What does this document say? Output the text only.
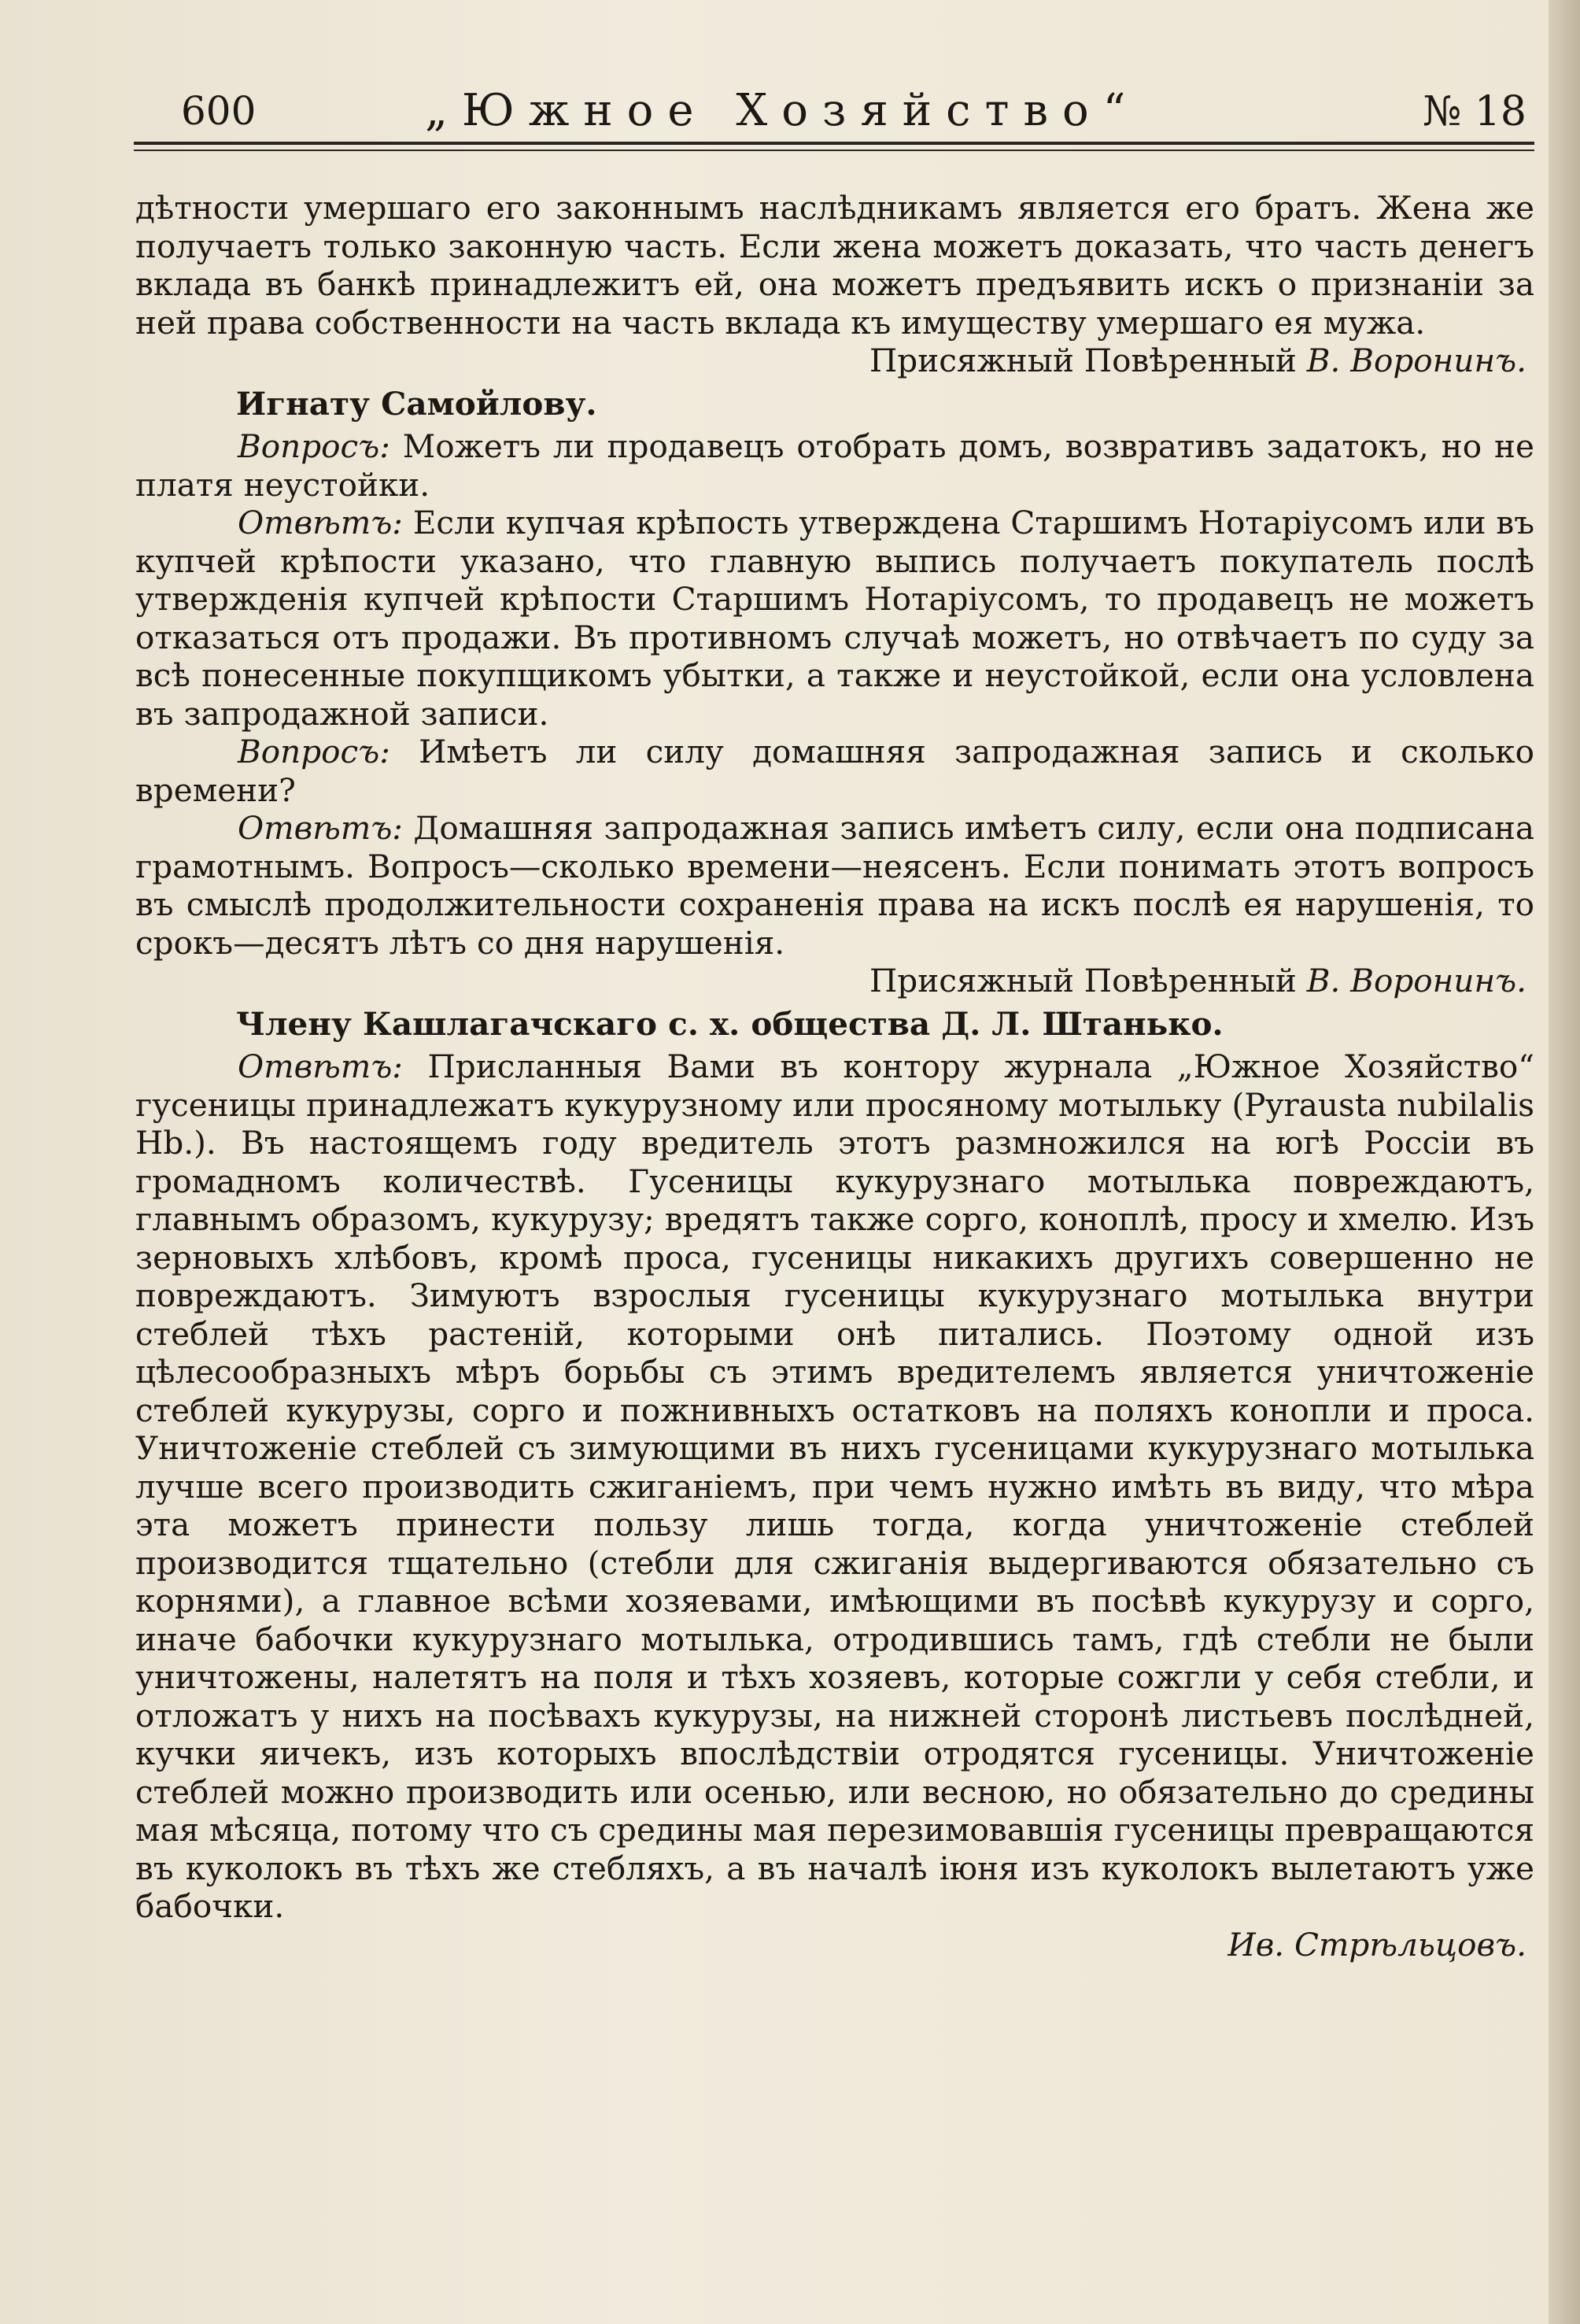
600	„Южное Хозяйство“	№ 18

дѣтности умершаго его законнымъ наслѣдникамъ является его братъ. Жена же получаетъ только законную часть. Если жена можетъ доказать, что часть денегъ вклада въ банкѣ принадлежитъ ей, она можетъ предъявить искъ о признаніи за ней права собственности на часть вклада къ имуществу умершаго ея мужа.

Присяжный Повѣренный В. Воронинъ.

Игнату Самойлову.

Вопросъ: Можетъ ли продавецъ отобрать домъ, возвративъ задатокъ, но не платя неустойки.

Отвѣтъ: Если купчая крѣпость утверждена Старшимъ Нотаріусомъ или въ купчей крѣпости указано, что главную выпись получаетъ покупатель послѣ утвержденія купчей крѣпости Старшимъ Нотаріусомъ, то продавецъ не можетъ отказаться отъ продажи. Въ противномъ случаѣ можетъ, но отвѣчаетъ по суду за всѣ понесенные покупщикомъ убытки, а также и неустойкой, если она условлена въ запродажной записи.

Вопросъ: Имѣетъ ли силу домашняя запродажная запись и сколько времени?

Отвѣтъ: Домашняя запродажная запись имѣетъ силу, если она подписана грамотнымъ. Вопросъ—сколько времени—неясенъ. Если понимать этотъ вопросъ въ смыслѣ продолжительности сохраненія права на искъ послѣ ея нарушенія, то срокъ—десятъ лѣтъ со дня нарушенія.

Присяжный Повѣренный В. Воронинъ.

Члену Кашлагачскаго с. х. общества Д. Л. Штанько.

Отвѣтъ: Присланныя Вами въ контору журнала „Южное Хозяйство“ гусеницы принадлежатъ кукурузному или просяному мотыльку (Pyrausta nubilalis Hb.). Въ настоящемъ году вредитель этотъ размножился на югѣ Россіи въ громадномъ количествѣ. Гусеницы кукурузнаго мотылька повреждаютъ, главнымъ образомъ, кукурузу; вредятъ также сорго, коноплѣ, просу и хмелю. Изъ зерновыхъ хлѣбовъ, кромѣ проса, гусеницы никакихъ другихъ совершенно не повреждаютъ. Зимуютъ взрослыя гусеницы кукурузнаго мотылька внутри стеблей тѣхъ растеній, которыми онѣ питались. Поэтому одной изъ цѣлесообразныхъ мѣръ борьбы съ этимъ вредителемъ является уничтоженіе стеблей кукурузы, сорго и пожнивныхъ остатковъ на поляхъ конопли и проса. Уничтоженіе стеблей съ зимующими въ нихъ гусеницами кукурузнаго мотылька лучше всего производить сжиганіемъ, при чемъ нужно имѣть въ виду, что мѣра эта можетъ принести пользу лишь тогда, когда уничтоженіе стеблей производится тщательно (стебли для сжиганія выдергиваются обязательно съ корнями), а главное всѣми хозяевами, имѣющими въ посѣвѣ кукурузу и сорго, иначе бабочки кукурузнаго мотылька, отродившись тамъ, гдѣ стебли не были уничтожены, налетятъ на поля и тѣхъ хозяевъ, которые сожгли у себя стебли, и отложатъ у нихъ на посѣвахъ кукурузы, на нижней сторонѣ листьевъ послѣдней, кучки яичекъ, изъ которыхъ впослѣдствіи отродятся гусеницы. Уничтоженіе стеблей можно производить или осенью, или весною, но обязательно до средины мая мѣсяца, потому что съ средины мая перезимовавшія гусеницы превращаются въ куколокъ въ тѣхъ же стебляхъ, а въ началѣ іюня изъ куколокъ вылетаютъ уже бабочки.

Ив. Стрѣльцовъ.
